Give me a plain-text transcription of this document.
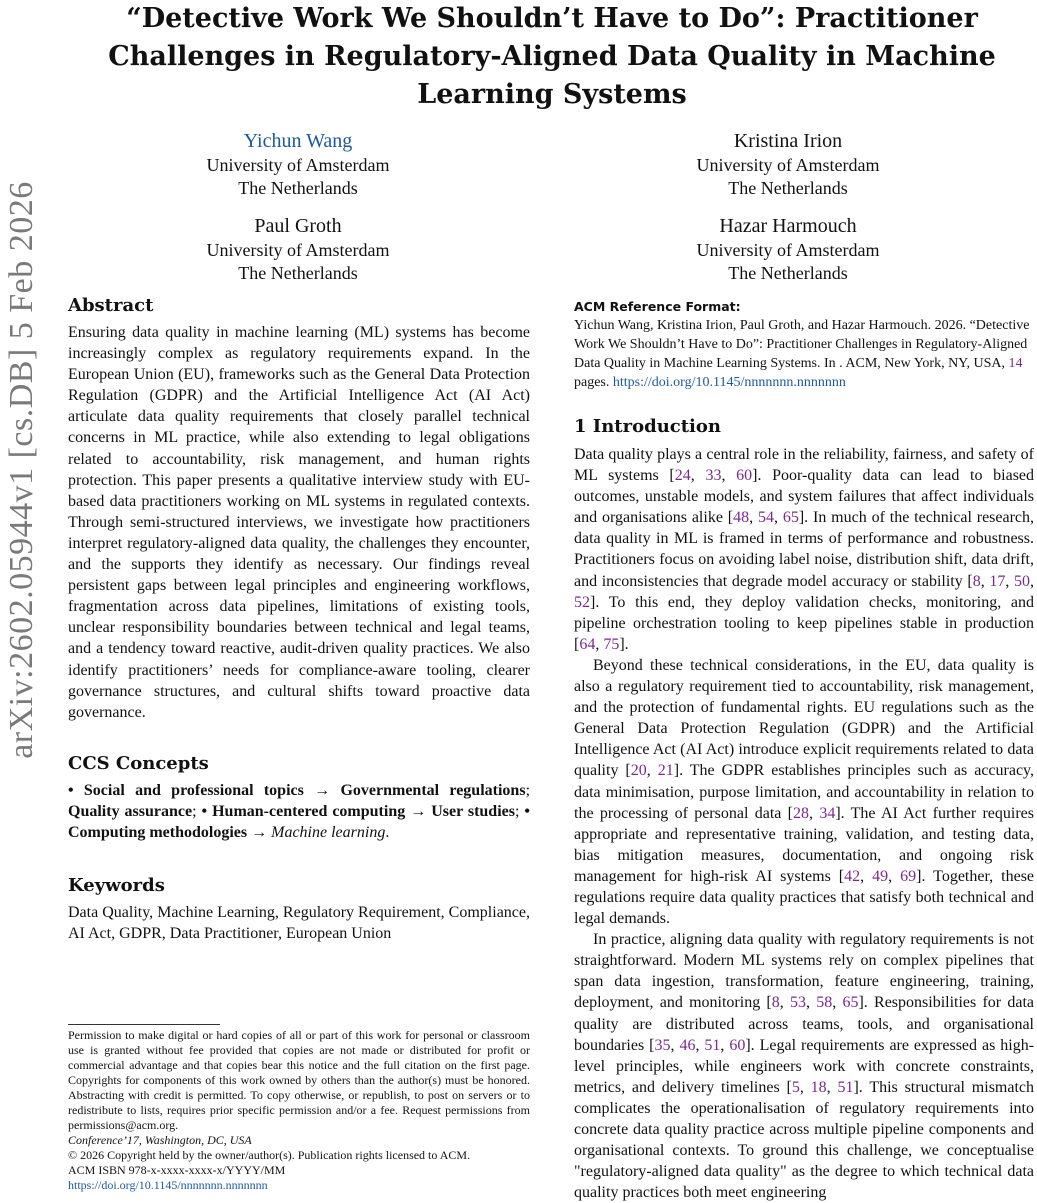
arXiv:2602.05944v1 [cs.DB] 5 Feb 2026
“Detective Work We Shouldn’t Have to Do”: Practitioner Challenges in Regulatory-Aligned Data Quality in Machine Learning Systems
Yichun Wang
University of Amsterdam
The Netherlands
Kristina Irion
University of Amsterdam
The Netherlands
Paul Groth
University of Amsterdam
The Netherlands
Hazar Harmouch
University of Amsterdam
The Netherlands
Abstract

Ensuring data quality in machine learning (ML) systems has become increasingly complex as regulatory requirements expand. In the European Union (EU), frameworks such as the General Data Protection Regulation (GDPR) and the Artificial Intelligence Act (AI Act) articulate data quality requirements that closely parallel technical concerns in ML practice, while also extending to legal obligations related to accountability, risk management, and human rights protection. This paper presents a qualitative interview study with EU-based data practitioners working on ML systems in regulated contexts. Through semi-structured interviews, we investigate how practitioners interpret regulatory-aligned data quality, the challenges they encounter, and the supports they identify as necessary. Our findings reveal persistent gaps between legal principles and engineering workflows, fragmentation across data pipelines, limitations of existing tools, unclear responsibility boundaries between technical and legal teams, and a tendency toward reactive, audit-driven quality practices. We also identify practitioners’ needs for compliance-aware tooling, clearer governance structures, and cultural shifts toward proactive data governance.

CCS Concepts

• Social and professional topics → Governmental regulations; Quality assurance; • Human-centered computing → User studies; • Computing methodologies → Machine learning.

Keywords

Data Quality, Machine Learning, Regulatory Requirement, Compliance, AI Act, GDPR, Data Practitioner, European Union

Permission to make digital or hard copies of all or part of this work for personal or classroom use is granted without fee provided that copies are not made or distributed for profit or commercial advantage and that copies bear this notice and the full citation on the first page. Copyrights for components of this work owned by others than the author(s) must be honored. Abstracting with credit is permitted. To copy otherwise, or republish, to post on servers or to redistribute to lists, requires prior specific permission and/or a fee. Request permissions from permissions@acm.org.

Conference’17, Washington, DC, USA

© 2026 Copyright held by the owner/author(s). Publication rights licensed to ACM.

ACM ISBN 978-x-xxxx-xxxx-x/YYYY/MM

https://doi.org/10.1145/nnnnnnn.nnnnnnn

ACM Reference Format:

Yichun Wang, Kristina Irion, Paul Groth, and Hazar Harmouch. 2026. “Detective Work We Shouldn’t Have to Do”: Practitioner Challenges in Regulatory-Aligned Data Quality in Machine Learning Systems. In . ACM, New York, NY, USA, 14 pages. https://doi.org/10.1145/nnnnnnn.nnnnnnn

1 Introduction

Data quality plays a central role in the reliability, fairness, and safety of ML systems [24, 33, 60]. Poor-quality data can lead to biased outcomes, unstable models, and system failures that affect individuals and organisations alike [48, 54, 65]. In much of the technical research, data quality in ML is framed in terms of performance and robustness. Practitioners focus on avoiding label noise, distribution shift, data drift, and inconsistencies that degrade model accuracy or stability [8, 17, 50, 52]. To this end, they deploy validation checks, monitoring, and pipeline orchestration tooling to keep pipelines stable in production [64, 75].

Beyond these technical considerations, in the EU, data quality is also a regulatory requirement tied to accountability, risk management, and the protection of fundamental rights. EU regulations such as the General Data Protection Regulation (GDPR) and the Artificial Intelligence Act (AI Act) introduce explicit requirements related to data quality [20, 21]. The GDPR establishes principles such as accuracy, data minimisation, purpose limitation, and accountability in relation to the processing of personal data [28, 34]. The AI Act further requires appropriate and representative training, validation, and testing data, bias mitigation measures, documentation, and ongoing risk management for high-risk AI systems [42, 49, 69]. Together, these regulations require data quality practices that satisfy both technical and legal demands.

In practice, aligning data quality with regulatory requirements is not straightforward. Modern ML systems rely on complex pipelines that span data ingestion, transformation, feature engineering, training, deployment, and monitoring [8, 53, 58, 65]. Responsibilities for data quality are distributed across teams, tools, and organisational boundaries [35, 46, 51, 60]. Legal requirements are expressed as high-level principles, while engineers work with concrete constraints, metrics, and delivery timelines [5, 18, 51]. This structural mismatch complicates the operationalisation of regulatory requirements into concrete data quality practice across multiple pipeline components and organisational contexts. To ground this challenge, we conceptualise "regulatory-aligned data quality" as the degree to which technical data quality practices both meet engineering
